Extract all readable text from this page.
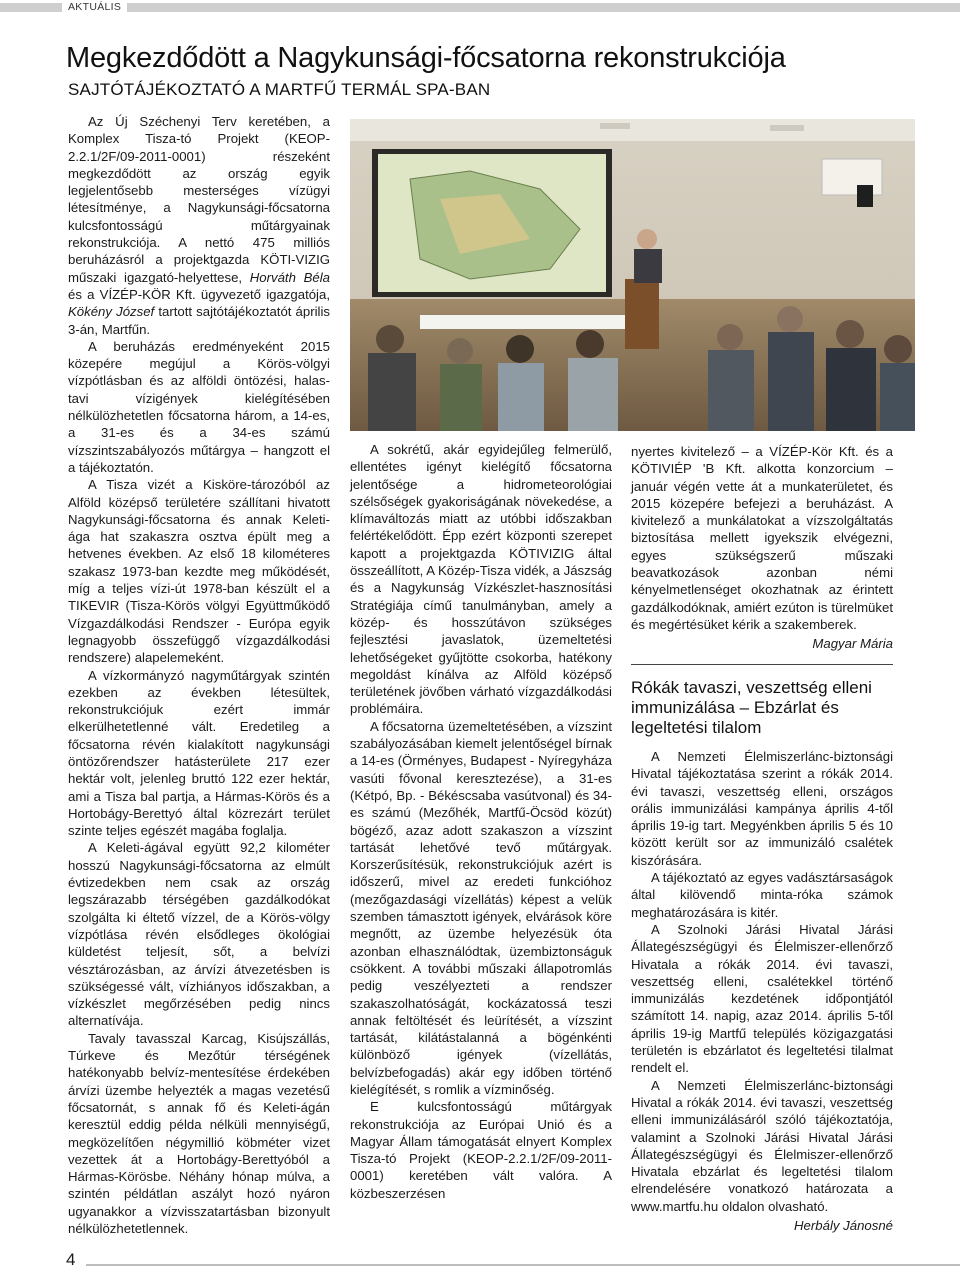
AKTUÁLIS
Megkezdődött a Nagykunsági-főcsatorna rekonstrukciója
SAJTÓTÁJÉKOZTATÓ A MARTFŰ TERMÁL SPA-BAN

Az Új Széchenyi Terv keretében, a Komplex Tisza-tó Projekt (KEOP-2.2.1/2F/09-2011-0001) részeként megkezdődött az ország egyik legjelentősebb mesterséges vízügyi létesítménye, a Nagykunsági-főcsatorna kulcsfontosságú műtárgyainak rekonstrukciója. A nettó 475 milliós beruházásról a projektgazda KÖTI-VIZIG műszaki igazgató-helyettese, Horváth Béla és a VÍZÉP-KÖR Kft. ügyvezető igazgatója, Kökény József tartott sajtótájékoztatót április 3-án, Martfűn.

A beruházás eredményeként 2015 közepére megújul a Körös-völgyi vízpótlásban és az alföldi öntözési, halas-tavi vízigények kielégítésében nélkülözhetetlen főcsatorna három, a 14-es, a 31-es és a 34-es számú vízszintszabályozós műtárgya – hangzott el a tájékoztatón.

A Tisza vizét a Kisköre-tározóból az Alföld középső területére szállítani hivatott Nagykunsági-főcsatorna és annak Keleti-ága hat szakaszra osztva épült meg a hetvenes években. Az első 18 kilométeres szakasz 1973-ban kezdte meg működését, míg a teljes vízi-út 1978-ban készült el a TIKEVIR (Tisza-Körös völgyi Együttműködő Vízgazdálkodási Rendszer - Európa egyik legnagyobb összefüggő vízgazdálkodási rendszere) alapelemeként.

A vízkormányzó nagyműtárgyak szintén ezekben az években létesültek, rekonstrukciójuk ezért immár elkerülhetetlenné vált. Eredetileg a főcsatorna révén kialakított nagykunsági öntözőrendszer hatásterülete 217 ezer hektár volt, jelenleg bruttó 122 ezer hektár, ami a Tisza bal partja, a Hármas-Körös és a Hortobágy-Berettyó által közrezárt terület szinte teljes egészét magába foglalja.

A Keleti-ágával együtt 92,2 kilométer hosszú Nagykunsági-főcsatorna az elmúlt évtizedekben nem csak az ország legszárazabb térségében gazdálkodókat szolgálta ki éltető vízzel, de a Körös-völgy vízpótlása révén elsődleges ökológiai küldetést teljesít, sőt, a belvízi vésztározásban, az árvízi átvezetésben is szükségessé vált, vízhiányos időszakban, a vízkészlet megőrzésében pedig nincs alternatívája.

Tavaly tavasszal Karcag, Kisújszállás, Túrkeve és Mezőtúr térségének hatékonyabb belvíz-mentesítése érdekében árvízi üzembe helyezték a magas vezetésű főcsatornát, s annak fő és Keleti-ágán keresztül eddig példa nélküli mennyiségű, megközelítően négymillió köbméter vizet vezettek át a Hortobágy-Berettyóból a Hármas-Körösbe. Néhány hónap múlva, a szintén példátlan aszályt hozó nyáron ugyanakkor a vízvisszatartásban bizonyult nélkülözhetetlennek.

A sokrétű, akár egyidejűleg felmerülő, ellentétes igényt kielégítő főcsatorna jelentősége a hidrometeorológiai szélsőségek gyakoriságának növekedése, a klímaváltozás miatt az utóbbi időszakban felértékelődött. Épp ezért központi szerepet kapott a projektgazda KÖTIVIZIG által összeállított, A Közép-Tisza vidék, a Jászság és a Nagykunság Vízkészlet-hasznosítási Stratégiája című tanulmányban, amely a közép- és hosszútávon szükséges fejlesztési javaslatok, üzemeltetési lehetőségeket gyűjtötte csokorba, hatékony megoldást kínálva az Alföld középső területének jövőben várható vízgazdálkodási problémáira.

A főcsatorna üzemeltetésében, a vízszint szabályozásában kiemelt jelentőségel bírnak a 14-es (Örményes, Budapest - Nyíregyháza vasúti fővonal keresztezése), a 31-es (Kétpó, Bp. - Békéscsaba vasútvonal) és 34-es számú (Mezőhék, Martfű-Öcsöd közút) bögéző, azaz adott szakaszon a vízszint tartását lehetővé tevő műtárgyak. Korszerűsítésük, rekonstrukciójuk azért is időszerű, mivel az eredeti funkcióhoz (mezőgazdasági vízellátás) képest a velük szemben támasztott igények, elvárások köre megnőtt, az üzembe helyezésük óta azonban elhasználódtak, üzembiztonságuk csökkent. A további műszaki állapotromlás pedig veszélyezteti a rendszer szakaszolhatóságát, kockázatossá teszi annak feltöltését és leürítését, a vízszint tartását, kilátástalanná a bögénkénti különböző igények (vízellátás, belvízbefogadás) akár egy időben történő kielégítését, s romlik a vízminőség.

E kulcsfontosságú műtárgyak rekonstrukciója az Európai Unió és a Magyar Állam támogatását elnyert Komplex Tisza-tó Projekt (KEOP-2.2.1/2F/09-2011-0001) keretében vált valóra. A közbeszerzésen

nyertes kivitelező – a VÍZÉP-Kör Kft. és a KÖTIVIÉP 'B Kft. alkotta konzorcium – január végén vette át a munkaterületet, és 2015 közepére befejezi a beruházást. A kivitelező a munkálatokat a vízszolgáltatás biztosítása mellett igyekszik elvégezni, egyes szükségszerű műszaki beavatkozások azonban némi kényelmetlenséget okozhatnak az érintett gazdálkodóknak, amiért ezúton is türelmüket és megértésüket kérik a szakemberek.

Magyar Mária
Rókák tavaszi, veszettség elleni immunizálása – Ebzárlat és legeltetési tilalom

A Nemzeti Élelmiszerlánc-biztonsági Hivatal tájékoztatása szerint a rókák 2014. évi tavaszi, veszettség elleni, országos orális immunizálási kampánya április 4-től április 19-ig tart. Megyénkben április 5 és 10 között került sor az immunizáló csalétek kiszórására.

A tájékoztató az egyes vadásztársaságok által kilövendő minta-róka számok meghatározására is kitér.

A Szolnoki Járási Hivatal Járási Állategészségügyi és Élelmiszer-ellenőrző Hivatala a rókák 2014. évi tavaszi, veszettség elleni, csalétekkel történő immunizálás kezdetének időpontjától számított 14. napig, azaz 2014. április 5-től április 19-ig Martfű település közigazgatási területén is ebzárlatot és legeltetési tilalmat rendelt el.

A Nemzeti Élelmiszerlánc-biztonsági Hivatal a rókák 2014. évi tavaszi, veszettség elleni immunizálásáról szóló tájékoztatója, valamint a Szolnoki Járási Hivatal Járási Állategészségügyi és Élelmiszer-ellenőrző Hivatala ebzárlat és legeltetési tilalom elrendelésére vonatkozó határozata a www.martfu.hu oldalon olvasható.

Herbály Jánosné
4
